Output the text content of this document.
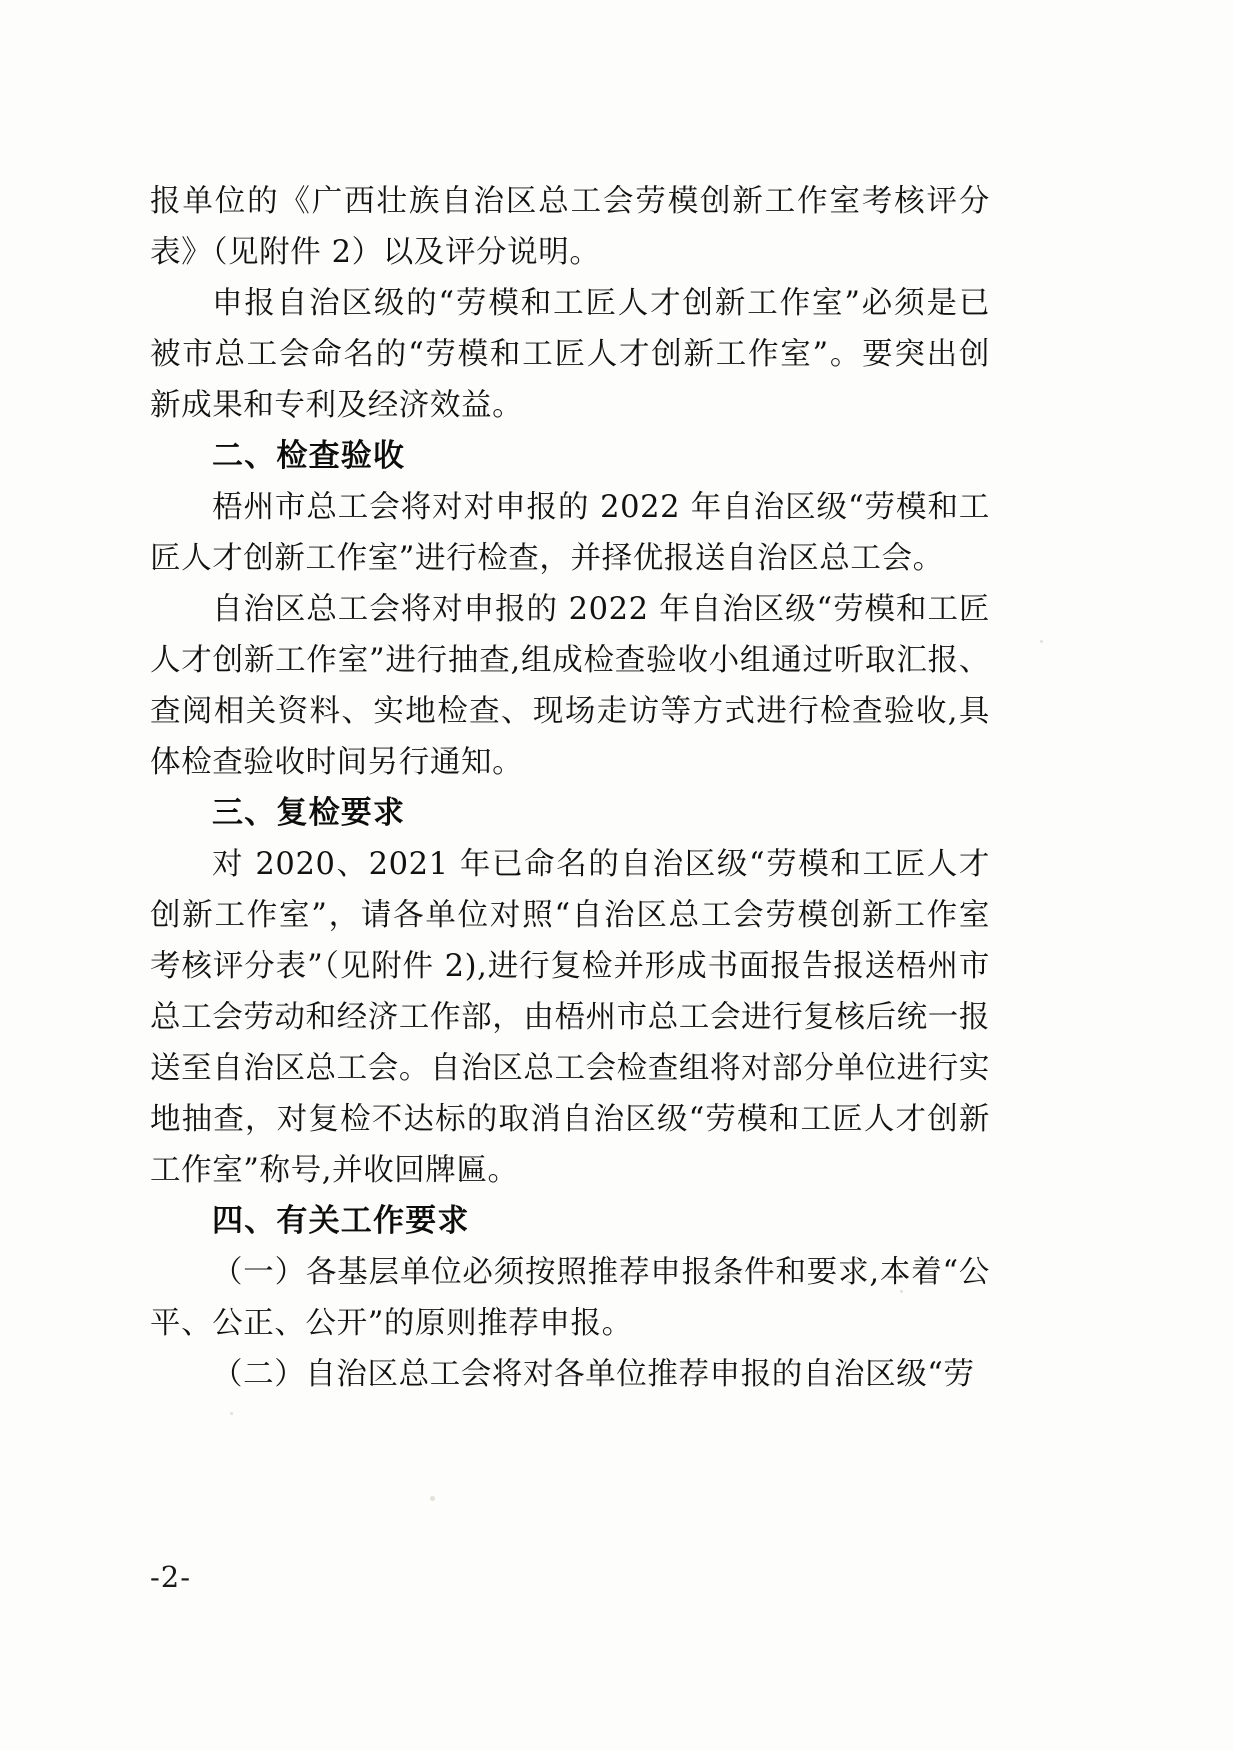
报单位的《广西壮族自治区总工会劳模创新工作室考核评分表》（见附件 2）以及评分说明。

申报自治区级的“劳模和工匠人才创新工作室”必须是已被市总工会命名的“劳模和工匠人才创新工作室”。要突出创新成果和专利及经济效益。

二、检查验收

梧州市总工会将对对申报的 2022 年自治区级“劳模和工匠人才创新工作室”进行检查，并择优报送自治区总工会。

自治区总工会将对申报的 2022 年自治区级“劳模和工匠人才创新工作室”进行抽查,组成检查验收小组通过听取汇报、查阅相关资料、实地检查、现场走访等方式进行检查验收,具体检查验收时间另行通知。

三、复检要求

对 2020、2021 年已命名的自治区级“劳模和工匠人才创新工作室”，请各单位对照“自治区总工会劳模创新工作室考核评分表”（见附件 2),进行复检并形成书面报告报送梧州市总工会劳动和经济工作部，由梧州市总工会进行复核后统一报送至自治区总工会。自治区总工会检查组将对部分单位进行实地抽查，对复检不达标的取消自治区级“劳模和工匠人才创新工作室”称号,并收回牌匾。

四、有关工作要求

（一）各基层单位必须按照推荐申报条件和要求,本着“公平、公正、公开”的原则推荐申报。

（二）自治区总工会将对各单位推荐申报的自治区级“劳

-2-
